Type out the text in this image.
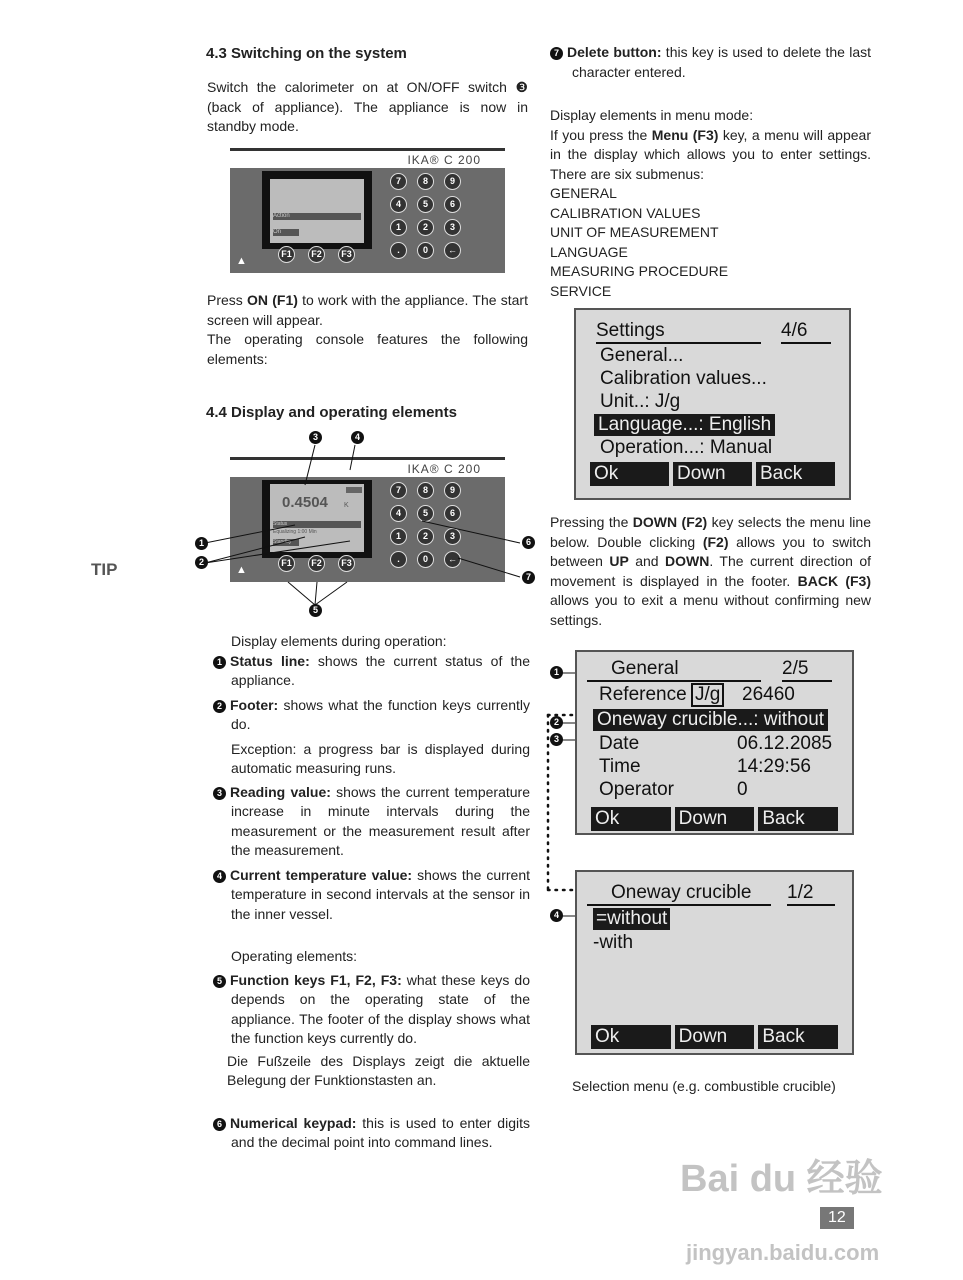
4.3 Switching on the system

Switch the calorimeter on at ON/OFF switch ❸ (back of appliance). The appliance is now in standby mode.

IKA® C 200
Action
On
▲
F1	F2	F3
7	8	9
4	5	6
1	2	3
.	0	←

Press ON (F1) to work with the appliance. The start screen will appear.

The operating console features the following elements:

4.4 Display and operating elements
IKA® C 200
0.4504 K
Status
Equalizing 1:00 Min
Standby
▲
F1	F2	F3
7	8	9
4	5	6
1	2	3
.	0	←
3	4
1
2
6
7
5
TIP

Display elements during operation:

1 Status line: shows the current status of the appliance.

2 Footer: shows what the function keys currently do.

Exception: a progress bar is displayed during automatic measuring runs.

3 Reading value: shows the current temperature increase in minute intervals during the measurement or the measurement result after the measurement.

4 Current temperature value: shows the current temperature in second intervals at the sensor in the inner vessel.

Operating elements:

5 Function keys F1, F2, F3: what these keys do depends on the operating state of the appliance. The footer of the display shows what the function keys currently do.

Die Fußzeile des Displays zeigt die aktuelle Belegung der Funktionstasten an.

6 Numerical keypad: this is used to enter digits and the decimal point into command lines.

7 Delete button: this key is used to delete the last character entered.

Display elements in menu mode:

If you press the Menu (F3) key, a menu will appear in the display which allows you to enter settings. There are six submenus:

GENERAL
CALIBRATION VALUES
UNIT OF MEASUREMENT
LANGUAGE
MEASURING PROCEDURE
SERVICE
Settings	4/6
General...
Calibration values...
Unit..: J/g
Language...: English
Operation...: Manual
Ok	Down	Back

Pressing the DOWN (F2) key selects the menu line below. Double clicking (F2) allows you to switch between UP and DOWN. The current direction of movement is displayed in the footer. BACK (F3) allows you to exit a menu without confirming new settings.

1
2
3
4
General	2/5
Reference J/g 26460
Oneway crucible...: without
Date	06.12.2085
Time	14:29:56
Operator	0
Ok	Down	Back
Oneway crucible	1/2
=without
-with
Ok	Down	Back
Selection menu (e.g. combustible crucible)
Bai du 经验
12
jingyan.baidu.com
